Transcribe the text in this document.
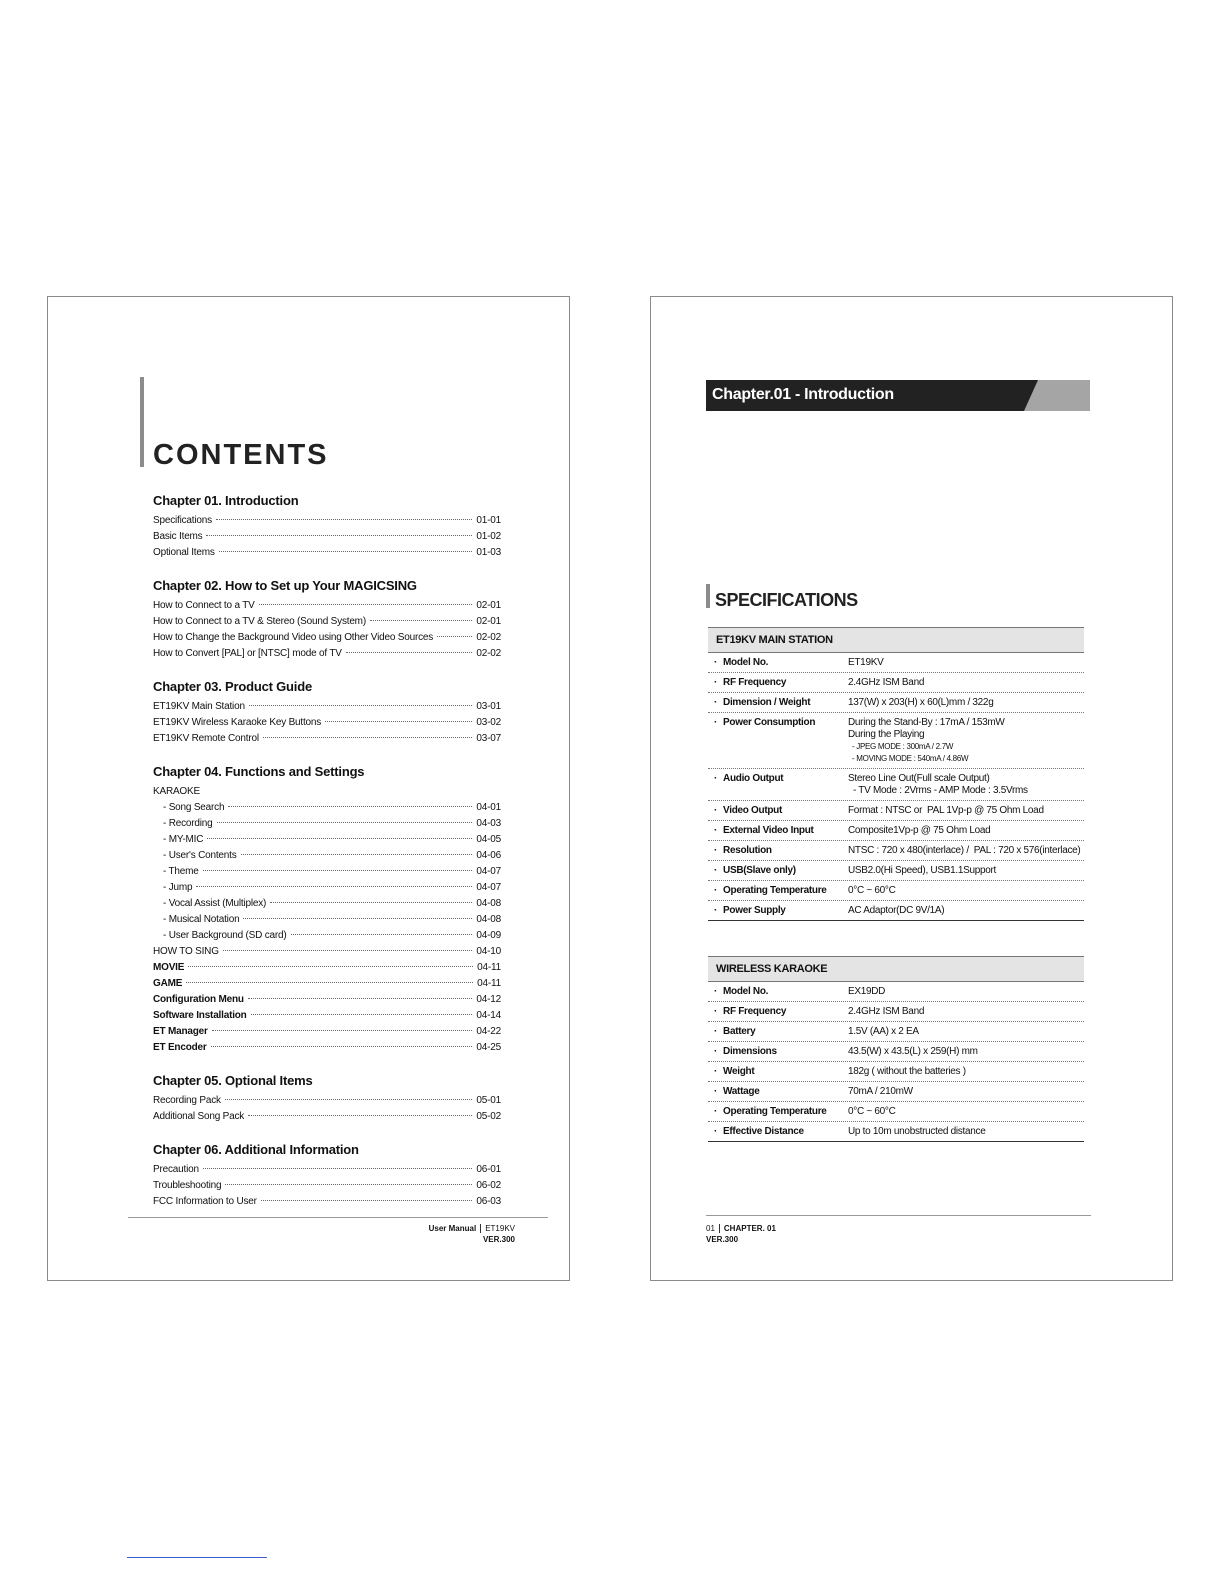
CONTENTS
Chapter 01. Introduction
Specifications	01-01
Basic Items	01-02
Optional Items	01-03
Chapter 02. How to Set up Your MAGICSING
How to Connect to a TV	02-01
How to Connect to a TV & Stereo (Sound System)	02-01
How to Change the Background Video using Other Video Sources	02-02
How to Convert [PAL] or [NTSC] mode of TV	02-02
Chapter 03. Product Guide
ET19KV Main Station	03-01
ET19KV Wireless Karaoke Key Buttons	03-02
ET19KV Remote Control	03-07
Chapter 04. Functions and Settings
KARAOKE
- Song Search	04-01
- Recording	04-03
- MY-MIC	04-05
- User's Contents	04-06
- Theme	04-07
- Jump	04-07
- Vocal Assist (Multiplex)	04-08
- Musical Notation	04-08
- User Background (SD card)	04-09
HOW TO SING	04-10
MOVIE	04-11
GAME	04-11
Configuration Menu	04-12
Software Installation	04-14
ET Manager	04-22
ET Encoder	04-25
Chapter 05. Optional Items
Recording Pack	05-01
Additional Song Pack	05-02
Chapter 06. Additional Information
Precaution	06-01
Troubleshooting	06-02
FCC Information to User	06-03
User Manual ET19KV
VER.300
Chapter.01 - Introduction
SPECIFICATIONS
ET19KV MAIN STATION
· Model No.	ET19KV
· RF Frequency	2.4GHz ISM Band
· Dimension / Weight	137(W) x 203(H) x 60(L)mm / 322g
· Power Consumption	During the Stand-By : 17mA / 153mW
During the Playing
- JPEG MODE : 300mA / 2.7W
- MOVING MODE : 540mA / 4.86W
· Audio Output	Stereo Line Out(Full scale Output)
- TV Mode : 2Vrms - AMP Mode : 3.5Vrms
· Video Output	Format : NTSC or  PAL 1Vp-p @ 75 Ohm Load
· External Video Input	Composite1Vp-p @ 75 Ohm Load
· Resolution	NTSC : 720 x 480(interlace) /  PAL : 720 x 576(interlace)
· USB(Slave only)	USB2.0(Hi Speed), USB1.1Support
· Operating Temperature	0°C ~ 60°C
· Power Supply	AC Adaptor(DC 9V/1A)
WIRELESS KARAOKE
· Model No.	EX19DD
· RF Frequency	2.4GHz ISM Band
· Battery	1.5V (AA) x 2 EA
· Dimensions	43.5(W) x 43.5(L) x 259(H) mm
· Weight	182g ( without the batteries )
· Wattage	70mA / 210mW
· Operating Temperature	0°C ~ 60°C
· Effective Distance	Up to 10m unobstructed distance
01 CHAPTER. 01
VER.300
